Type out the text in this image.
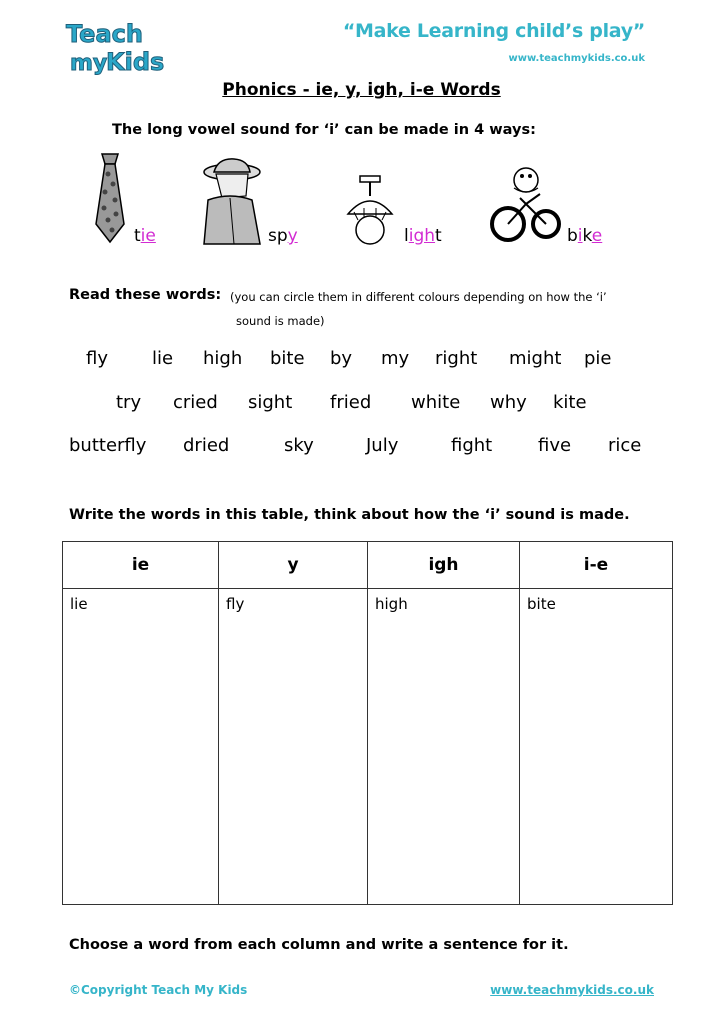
Teach
my
Kids
“Make Learning child’s play”
www.teachmykids.co.uk
Phonics - ie, y, igh, i-e Words
The long vowel sound for ‘i’ can be made in 4 ways:
tie	spy	light	bike
Read these words: (you can circle them in different colours depending on how the ‘i’
sound is made)
fly lie high bite by my right might pie
try cried sight fried white why kite
butterfly dried	sky	July	fight	five rice
Write the words in this table, think about how the ‘i’ sound is made.
ie	y	igh	i-e
lie	fly	high	bite
Choose a word from each column and write a sentence for it.
©Copyright Teach My Kids	www.teachmykids.co.uk
